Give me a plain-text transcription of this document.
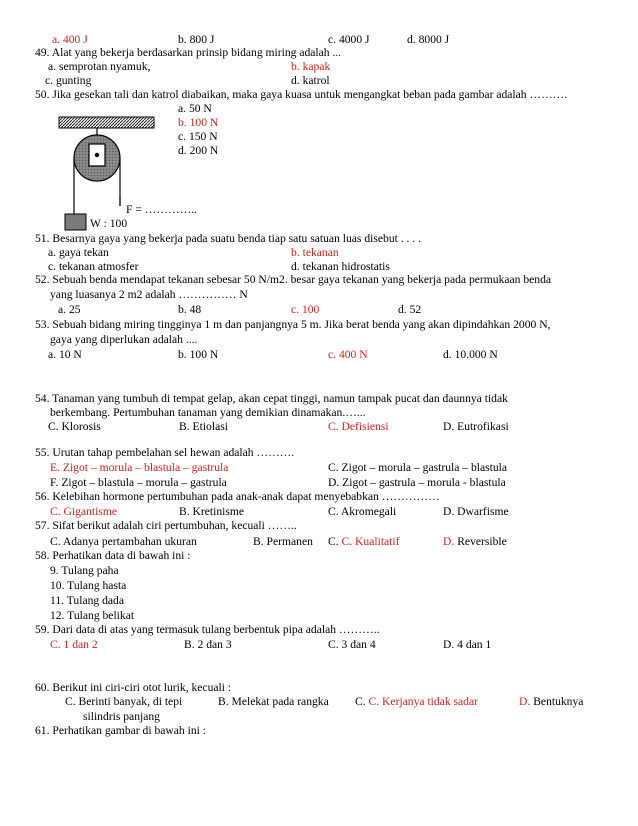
a. 400 J	b. 800 J	c. 4000 J	d. 8000 J
49. Alat yang bekerja berdasarkan prinsip bidang miring adalah ...
a. semprotan nyamuk,	b. kapak
c. gunting	d. katrol
50. Jika gesekan tali dan katrol diabaikan, maka gaya kuasa untuk mengangkat beban pada gambar adalah ……….
a. 50 N
b. 100 N
c. 150 N
d. 200 N
F = …………..
W : 100
51. Besarnya gaya yang bekerja pada suatu benda tiap satu satuan luas disebut . . . .
a. gaya tekan	b. tekanan
c. tekanan atmosfer	d. tekanan hidrostatis
52. Sebuah benda mendapat tekanan sebesar 50 N/m2. besar gaya tekanan yang bekerja pada permukaan benda
yang luasanya 2 m2 adalah …………… N
a. 25	b. 48	c. 100	d. 52
53. Sebuah bidang miring tingginya 1 m dan panjangnya 5 m. Jika berat benda yang akan dipindahkan 2000 N,
gaya yang diperlukan adalah ....
a. 10 N	b. 100 N	c. 400 N	d. 10.000 N
54. Tanaman yang tumbuh di tempat gelap, akan cepat tinggi, namun tampak pucat dan daunnya tidak
berkembang. Pertumbuhan tanaman yang demikian dinamakan.…...
C. Klorosis	B. Etiolasi	C. Defisiensi	D. Eutrofikasi
55. Urutan tahap pembelahan sel hewan adalah ……….
E. Zigot – morula – blastula – gastrula	C. Zigot – morula – gastrula – blastula
F. Zigot – blastula – morula – gastrula	D. Zigot – gastrula – morula - blastula
56. Kelebihan hormone pertumbuhan pada anak-anak dapat menyebabkan ……………
C. Gigantisme	B. Kretinisme	C. Akromegali	D. Dwarfisme
57. Sifat berikut adalah ciri pertumbuhan, kecuali ……..
C. Adanya pertambahan ukuran	B. Permanen C. C. Kualitatif	D. Reversible
58. Perhatikan data di bawah ini :
9. Tulang paha
10. Tulang hasta
11. Tulang dada
12. Tulang belikat
59. Dari data di atas yang termasuk tulang berbentuk pipa adalah ………..
C. 1 dan 2	B. 2 dan 3	C. 3 dan 4	D. 4 dan 1
60. Berikut ini ciri-ciri otot lurik, kecuali :
C. Berinti banyak, di tepi	B. Melekat pada rangka C. C. Kerjanya tidak sadar	D. Bentuknya
silindris panjang
61. Perhatikan gambar di bawah ini :
